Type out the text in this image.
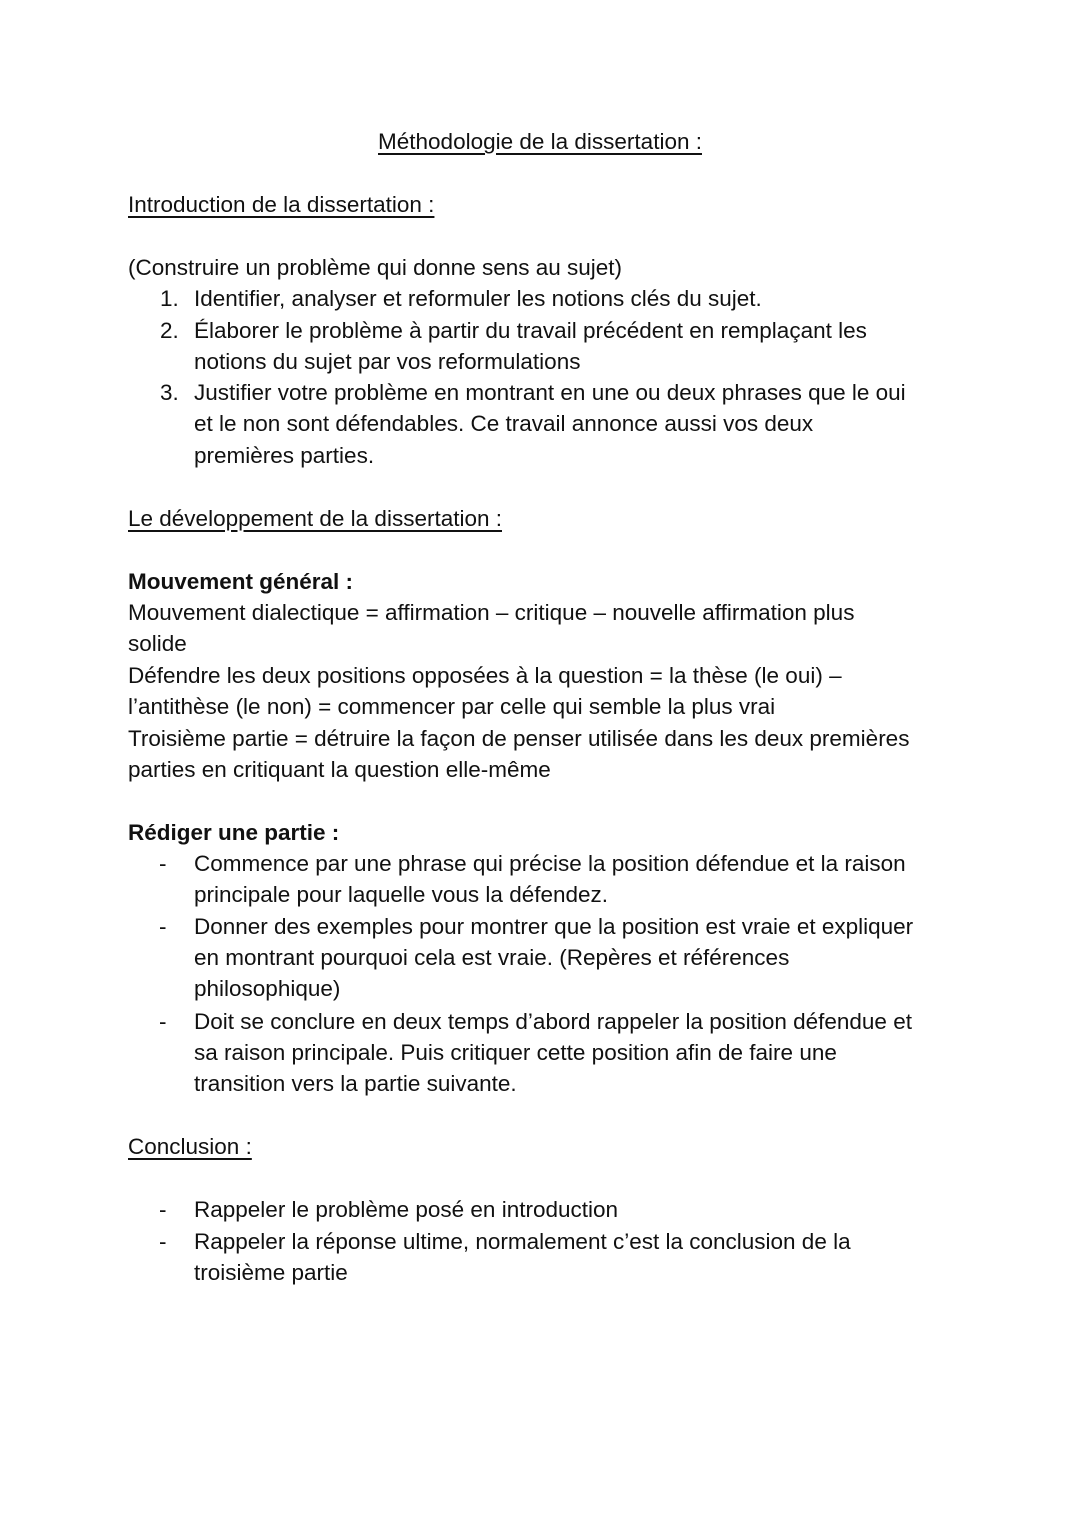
Méthodologie de la dissertation :
Introduction de la dissertation :
(Construire un problème qui donne sens au sujet)
1. Identifier, analyser et reformuler les notions clés du sujet.
2. Élaborer le problème à partir du travail précédent en remplaçant les
notions du sujet par vos reformulations
3. Justifier votre problème en montrant en une ou deux phrases que le oui
et le non sont défendables. Ce travail annonce aussi vos deux
premières parties.
Le développement de la dissertation :
Mouvement général :
Mouvement dialectique = affirmation – critique – nouvelle affirmation plus
solide
Défendre les deux positions opposées à la question = la thèse (le oui) –
l’antithèse (le non) = commencer par celle qui semble la plus vrai
Troisième partie = détruire la façon de penser utilisée dans les deux premières
parties en critiquant la question elle-même
Rédiger une partie :
- Commence par une phrase qui précise la position défendue et la raison
principale pour laquelle vous la défendez.
- Donner des exemples pour montrer que la position est vraie et expliquer
en montrant pourquoi cela est vraie. (Repères et références
philosophique)
- Doit se conclure en deux temps d’abord rappeler la position défendue et
sa raison principale. Puis critiquer cette position afin de faire une
transition vers la partie suivante.
Conclusion :
- Rappeler le problème posé en introduction
- Rappeler la réponse ultime, normalement c’est la conclusion de la
troisième partie
